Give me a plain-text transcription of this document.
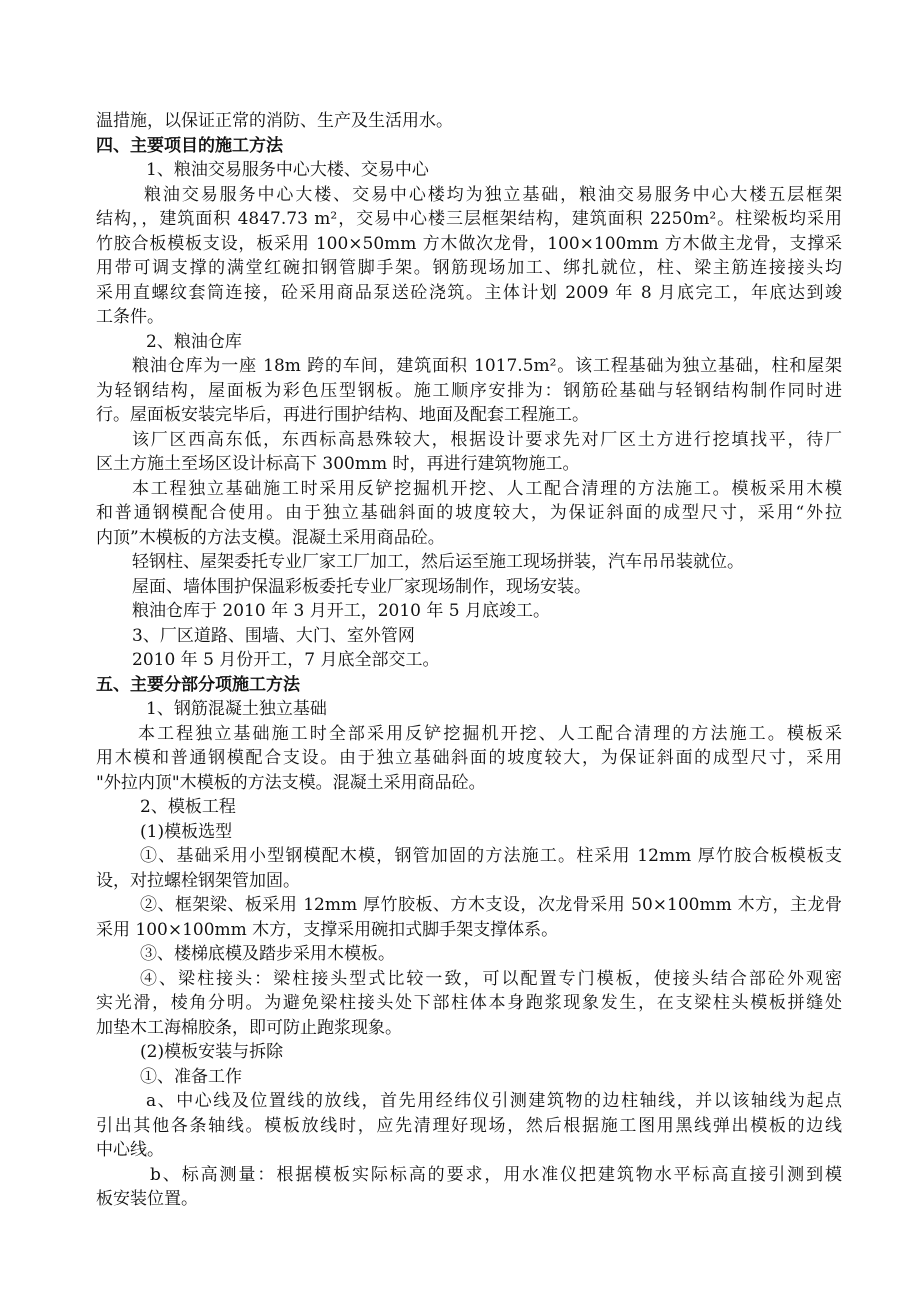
温措施，以保证正常的消防、生产及生活用水。
四、主要项目的施工方法
1、粮油交易服务中心大楼、交易中心
粮油交易服务中心大楼、交易中心楼均为独立基础，粮油交易服务中心大楼五层框架
结构，，建筑面积 4847.73 m²，交易中心楼三层框架结构，建筑面积 2250m²。柱梁板均采用
竹胶合板模板支设，板采用 100×50mm 方木做次龙骨，100×100mm 方木做主龙骨，支撑采
用带可调支撑的满堂红碗扣钢管脚手架。钢筋现场加工、绑扎就位，柱、梁主筋连接接头均
采用直螺纹套筒连接，砼采用商品泵送砼浇筑。主体计划 2009 年 8 月底完工，年底达到竣
工条件。
2、粮油仓库
粮油仓库为一座 18m 跨的车间，建筑面积 1017.5m²。该工程基础为独立基础，柱和屋架
为轻钢结构，屋面板为彩色压型钢板。施工顺序安排为：钢筋砼基础与轻钢结构制作同时进
行。屋面板安装完毕后，再进行围护结构、地面及配套工程施工。
该厂区西高东低，东西标高悬殊较大，根据设计要求先对厂区土方进行挖填找平，待厂
区土方施土至场区设计标高下 300mm 时，再进行建筑物施工。
本工程独立基础施工时采用反铲挖掘机开挖、人工配合清理的方法施工。模板采用木模
和普通钢模配合使用。由于独立基础斜面的坡度较大，为保证斜面的成型尺寸，采用“外拉
内顶”木模板的方法支模。混凝土采用商品砼。
轻钢柱、屋架委托专业厂家工厂加工，然后运至施工现场拼装，汽车吊吊装就位。
屋面、墙体围护保温彩板委托专业厂家现场制作，现场安装。
粮油仓库于 2010 年 3 月开工，2010 年 5 月底竣工。
3、厂区道路、围墙、大门、室外管网
2010 年 5 月份开工，7 月底全部交工。
五、主要分部分项施工方法
1、钢筋混凝土独立基础
本工程独立基础施工时全部采用反铲挖掘机开挖、人工配合清理的方法施工。模板采
用木模和普通钢模配合支设。由于独立基础斜面的坡度较大，为保证斜面的成型尺寸，采用
"外拉内顶"木模板的方法支模。混凝土采用商品砼。
2、模板工程
(1)模板选型
①、基础采用小型钢模配木模，钢管加固的方法施工。柱采用 12mm 厚竹胶合板模板支
设，对拉螺栓钢架管加固。
②、框架梁、板采用 12mm 厚竹胶板、方木支设，次龙骨采用 50×100mm 木方，主龙骨
采用 100×100mm 木方，支撑采用碗扣式脚手架支撑体系。
③、楼梯底模及踏步采用木模板。
④、梁柱接头：梁柱接头型式比较一致，可以配置专门模板，使接头结合部砼外观密
实光滑，棱角分明。为避免梁柱接头处下部柱体本身跑浆现象发生，在支梁柱头模板拼缝处
加垫木工海棉胶条，即可防止跑浆现象。
(2)模板安装与拆除
①、准备工作
a、中心线及位置线的放线，首先用经纬仪引测建筑物的边柱轴线，并以该轴线为起点
引出其他各条轴线。模板放线时，应先清理好现场，然后根据施工图用黑线弹出模板的边线
中心线。
b、标高测量：根据模板实际标高的要求，用水准仪把建筑物水平标高直接引测到模
板安装位置。
